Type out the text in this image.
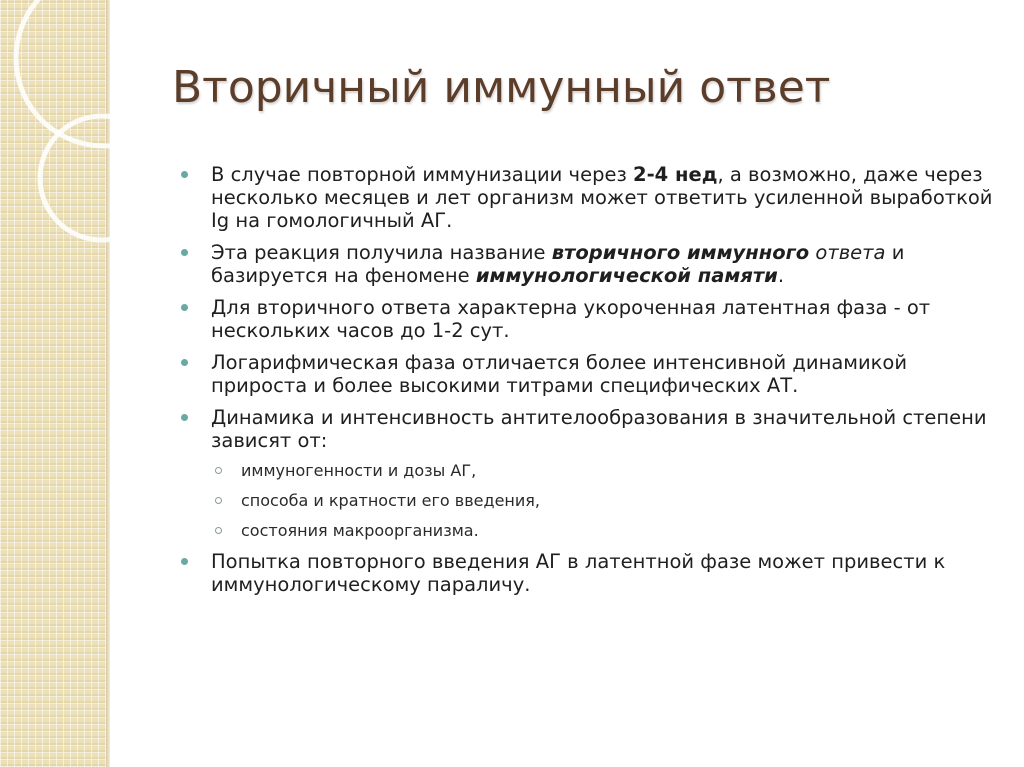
Вторичный иммунный ответ
В случае повторной иммунизации через 2-4 нед, а возможно, даже через несколько месяцев и лет организм может ответить усиленной выработкой Ig на гомологичный АГ.
Эта реакция получила название вторичного иммунного ответа и базируется на феномене иммунологической памяти.
Для вторичного ответа характерна укороченная латентная фаза - от нескольких часов до 1-2 сут.
Логарифмическая фаза отличается более интенсивной динамикой прироста и более высокими титрами специфических АТ.
Динамика и интенсивность антителообразования в значительной степени зависят от:
иммуногенности и дозы АГ,
способа и кратности его введения,
состояния макроорганизма.
Попытка повторного введения АГ в латентной фазе может привести к иммунологическому параличу.
